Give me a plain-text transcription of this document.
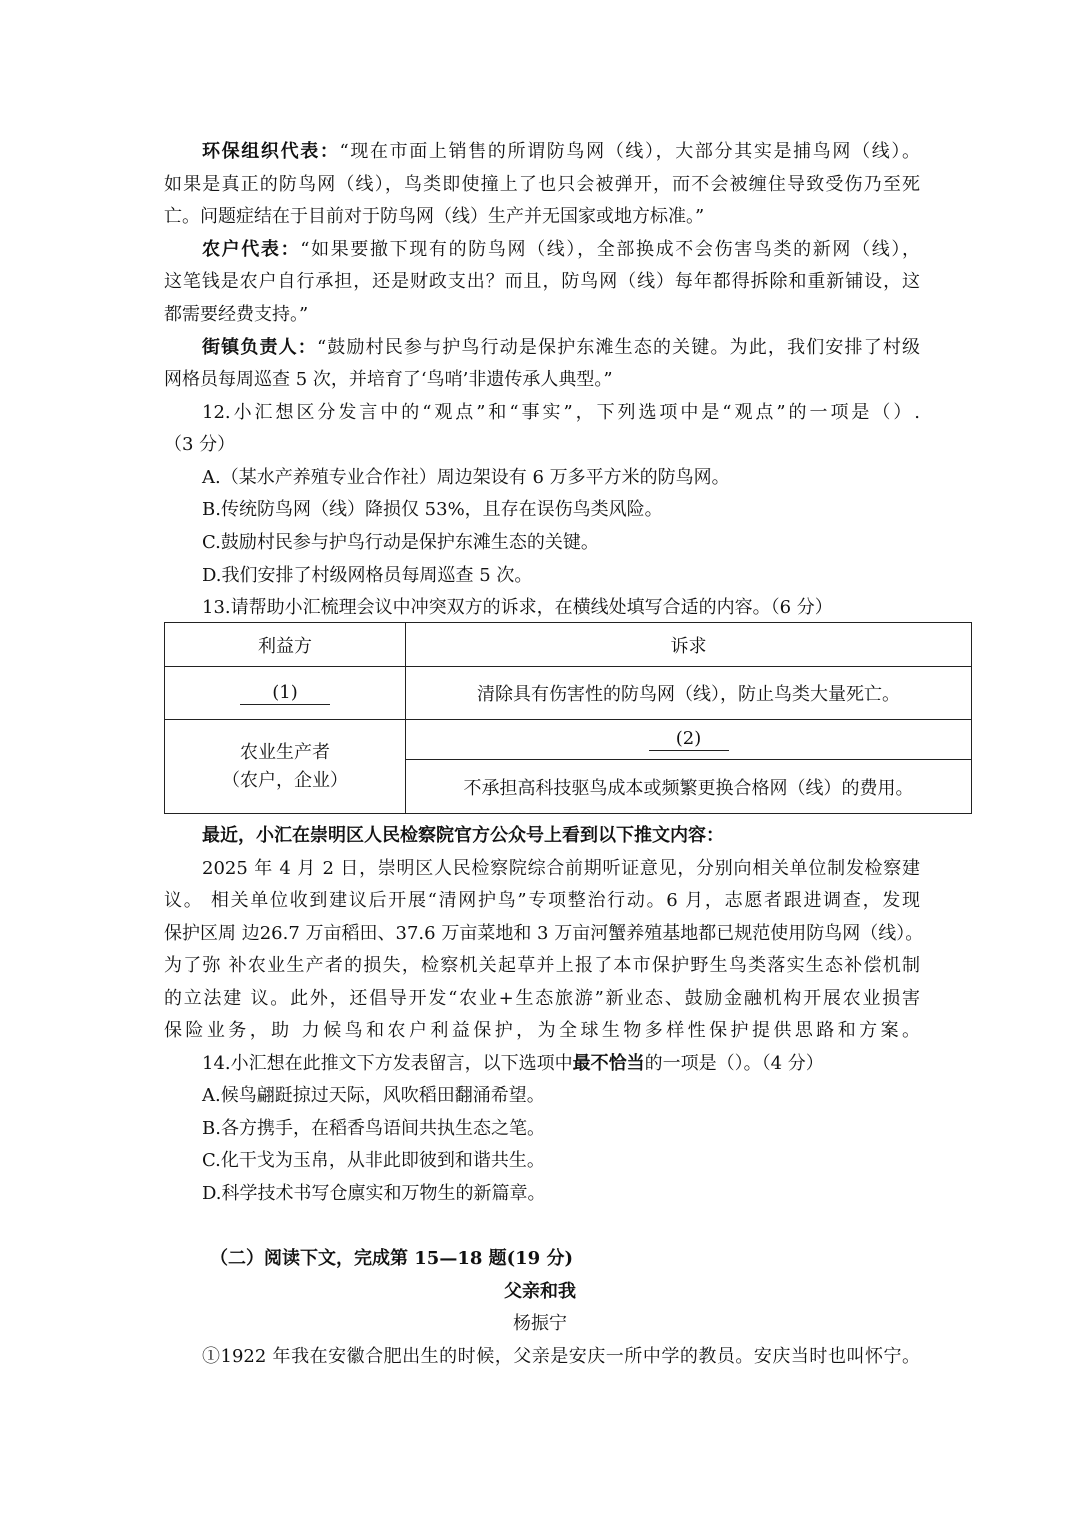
环保组织代表：“现在市面上销售的所谓防鸟网（线），大部分其实是捕鸟网（线）。
如果是真正的防鸟网（线），鸟类即使撞上了也只会被弹开，而不会被缠住导致受伤乃至死
亡。问题症结在于目前对于防鸟网（线）生产并无国家或地方标准。”
农户代表：“如果要撤下现有的防鸟网（线），全部换成不会伤害鸟类的新网（线），
这笔钱是农户自行承担，还是财政支出？而且，防鸟网（线）每年都得拆除和重新铺设，这
都需要经费支持。”
街镇负责人：“鼓励村民参与护鸟行动是保护东滩生态的关键。为此，我们安排了村级
网格员每周巡查 5 次，并培育了‘鸟哨’非遗传承人典型。”
12.小汇想区分发言中的“观点”和“事实”，下列选项中是“观点”的一项是（）.
（3 分）
A.（某水产养殖专业合作社）周边架设有 6 万多平方米的防鸟网。
B.传统防鸟网（线）降损仅 53%，且存在误伤鸟类风险。
C.鼓励村民参与护鸟行动是保护东滩生态的关键。
D.我们安排了村级网格员每周巡查 5 次。
13.请帮助小汇梳理会议中冲突双方的诉求，在横线处填写合适的内容。（6 分）
利益方	诉求
(1)	清除具有伤害性的防鸟网（线），防止鸟类大量死亡。

农业生产者
（农户，企业）	(2)
	不承担高科技驱鸟成本或频繁更换合格网（线）的费用。
最近，小汇在崇明区人民检察院官方公众号上看到以下推文内容：
2025 年 4 月 2 日，崇明区人民检察院综合前期听证意见，分别向相关单位制发检察建
议。 相关单位收到建议后开展“清网护鸟”专项整治行动。6 月，志愿者跟进调查，发现
保护区周 边26.7 万亩稻田、37.6 万亩菜地和 3 万亩河蟹养殖基地都已规范使用防鸟网（线）。
为了弥 补农业生产者的损失，检察机关起草并上报了本市保护野生鸟类落实生态补偿机制
的立法建 议。此外，还倡导开发“农业+生态旅游”新业态、鼓励金融机构开展农业损害
保险业务，助 力候鸟和农户利益保护，为全球生物多样性保护提供思路和方案。
14.小汇想在此推文下方发表留言，以下选项中最不恰当的一项是（）。（4 分）
A.候鸟翩跹掠过天际，风吹稻田翻涌希望。
B.各方携手，在稻香鸟语间共执生态之笔。
C.化干戈为玉帛，从非此即彼到和谐共生。
D.科学技术书写仓廪实和万物生的新篇章。
（二）阅读下文，完成第 15—18 题(19 分)
父亲和我
杨振宁
①1922 年我在安徽合肥出生的时候，父亲是安庆一所中学的教员。安庆当时也叫怀宁。
